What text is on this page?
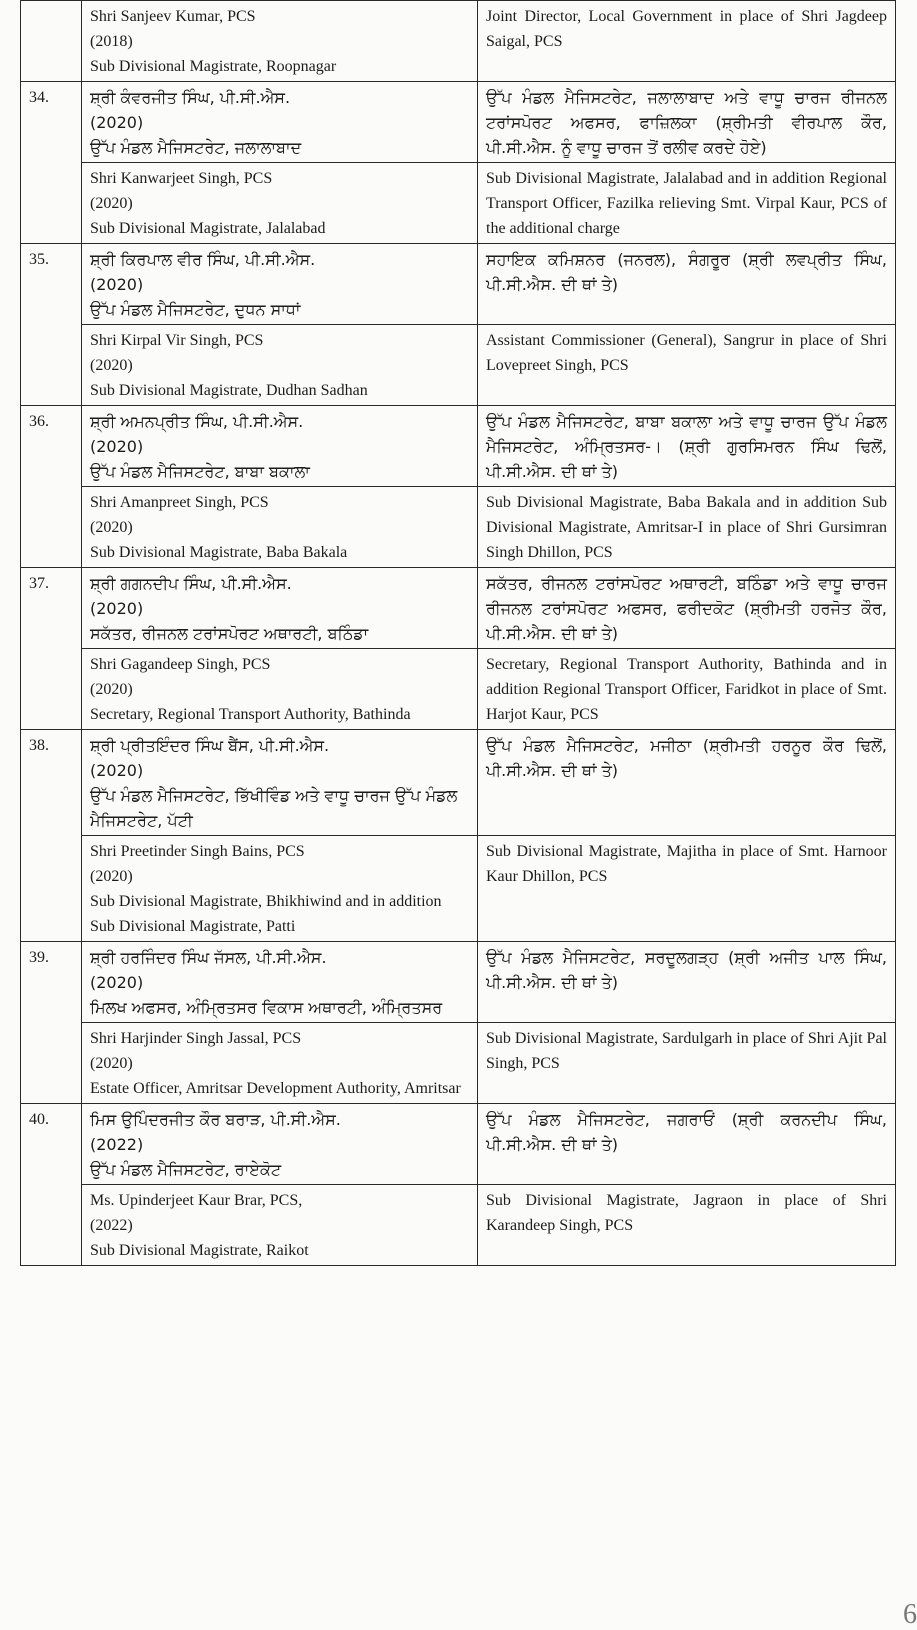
	Shri Sanjeev Kumar, PCS
(2018)
Sub Divisional Magistrate, Roopnagar	Joint Director, Local Government in place of Shri Jagdeep Saigal, PCS
34.	ਸ਼੍ਰੀ ਕੰਵਰਜੀਤ ਸਿੰਘ, ਪੀ.ਸੀ.ਐਸ.
(2020)
ਉੱਪ ਮੰਡਲ ਮੈਜਿਸਟਰੇਟ, ਜਲਾਲਾਬਾਦ	ਉੱਪ ਮੰਡਲ ਮੈਜਿਸਟਰੇਟ, ਜਲਾਲਾਬਾਦ ਅਤੇ ਵਾਧੂ ਚਾਰਜ ਰੀਜਨਲ ਟਰਾਂਸਪੋਰਟ ਅਫਸਰ, ਫਾਜ਼ਿਲਕਾ (ਸ਼੍ਰੀਮਤੀ ਵੀਰਪਾਲ ਕੌਰ, ਪੀ.ਸੀ.ਐਸ. ਨੂੰ ਵਾਧੂ ਚਾਰਜ ਤੋਂ ਰਲੀਵ ਕਰਦੇ ਹੋਏ)

	Shri Kanwarjeet Singh, PCS
(2020)
Sub Divisional Magistrate, Jalalabad	Sub Divisional Magistrate, Jalalabad and in addition Regional Transport Officer, Fazilka relieving Smt. Virpal Kaur, PCS of the additional charge
35.	ਸ਼੍ਰੀ ਕਿਰਪਾਲ ਵੀਰ ਸਿੰਘ, ਪੀ.ਸੀ.ਐਸ.
(2020)
ਉੱਪ ਮੰਡਲ ਮੈਜਿਸਟਰੇਟ, ਦੁਧਨ ਸਾਧਾਂ	ਸਹਾਇਕ ਕਮਿਸ਼ਨਰ (ਜਨਰਲ), ਸੰਗਰੂਰ (ਸ਼੍ਰੀ ਲਵਪ੍ਰੀਤ ਸਿੰਘ, ਪੀ.ਸੀ.ਐਸ. ਦੀ ਥਾਂ ਤੇ)

	Shri Kirpal Vir Singh, PCS
(2020)
Sub Divisional Magistrate, Dudhan Sadhan	Assistant Commissioner (General), Sangrur in place of Shri Lovepreet Singh, PCS
36.	ਸ਼੍ਰੀ ਅਮਨਪ੍ਰੀਤ ਸਿੰਘ, ਪੀ.ਸੀ.ਐਸ.
(2020)
ਉੱਪ ਮੰਡਲ ਮੈਜਿਸਟਰੇਟ, ਬਾਬਾ ਬਕਾਲਾ	ਉੱਪ ਮੰਡਲ ਮੈਜਿਸਟਰੇਟ, ਬਾਬਾ ਬਕਾਲਾ ਅਤੇ ਵਾਧੂ ਚਾਰਜ ਉੱਪ ਮੰਡਲ ਮੈਜਿਸਟਰੇਟ, ਅੰਮ੍ਰਿਤਸਰ-। (ਸ਼੍ਰੀ ਗੁਰਸਿਮਰਨ ਸਿੰਘ ਢਿਲੋਂ, ਪੀ.ਸੀ.ਐਸ. ਦੀ ਥਾਂ ਤੇ)

	Shri Amanpreet Singh, PCS
(2020)
Sub Divisional Magistrate, Baba Bakala	Sub Divisional Magistrate, Baba Bakala and in addition Sub Divisional Magistrate, Amritsar-I in place of Shri Gursimran Singh Dhillon, PCS
37.	ਸ਼੍ਰੀ ਗਗਨਦੀਪ ਸਿੰਘ, ਪੀ.ਸੀ.ਐਸ.
(2020)
ਸਕੱਤਰ, ਰੀਜਨਲ ਟਰਾਂਸਪੋਰਟ ਅਥਾਰਟੀ, ਬਠਿੰਡਾ	ਸਕੱਤਰ, ਰੀਜਨਲ ਟਰਾਂਸਪੋਰਟ ਅਥਾਰਟੀ, ਬਠਿੰਡਾ ਅਤੇ ਵਾਧੂ ਚਾਰਜ ਰੀਜਨਲ ਟਰਾਂਸਪੋਰਟ ਅਫਸਰ, ਫਰੀਦਕੋਟ (ਸ਼੍ਰੀਮਤੀ ਹਰਜੋਤ ਕੌਰ, ਪੀ.ਸੀ.ਐਸ. ਦੀ ਥਾਂ ਤੇ)

	Shri Gagandeep Singh, PCS
(2020)
Secretary, Regional Transport Authority, Bathinda	Secretary, Regional Transport Authority, Bathinda and in addition Regional Transport Officer, Faridkot in place of Smt. Harjot Kaur, PCS
38.	ਸ਼੍ਰੀ ਪ੍ਰੀਤਇੰਦਰ ਸਿੰਘ ਬੈਂਸ, ਪੀ.ਸੀ.ਐਸ.
(2020)
ਉੱਪ ਮੰਡਲ ਮੈਜਿਸਟਰੇਟ, ਭਿੱਖੀਵਿੰਡ ਅਤੇ ਵਾਧੂ ਚਾਰਜ ਉੱਪ ਮੰਡਲ ਮੈਜਿਸਟਰੇਟ, ਪੱਟੀ	ਉੱਪ ਮੰਡਲ ਮੈਜਿਸਟਰੇਟ, ਮਜੀਠਾ (ਸ਼੍ਰੀਮਤੀ ਹਰਨੂਰ ਕੌਰ ਢਿਲੋਂ, ਪੀ.ਸੀ.ਐਸ. ਦੀ ਥਾਂ ਤੇ)

	Shri Preetinder Singh Bains, PCS
(2020)
Sub Divisional Magistrate, Bhikhiwind and in addition Sub Divisional Magistrate, Patti	Sub Divisional Magistrate, Majitha in place of Smt. Harnoor Kaur Dhillon, PCS
39.	ਸ਼੍ਰੀ ਹਰਜਿੰਦਰ ਸਿੰਘ ਜੱਸਲ, ਪੀ.ਸੀ.ਐਸ.
(2020)
ਮਿਲਖ ਅਫਸਰ, ਅੰਮ੍ਰਿਤਸਰ ਵਿਕਾਸ ਅਥਾਰਟੀ, ਅੰਮ੍ਰਿਤਸਰ	ਉੱਪ ਮੰਡਲ ਮੈਜਿਸਟਰੇਟ, ਸਰਦੂਲਗੜ੍ਹ (ਸ਼੍ਰੀ ਅਜੀਤ ਪਾਲ ਸਿੰਘ, ਪੀ.ਸੀ.ਐਸ. ਦੀ ਥਾਂ ਤੇ)

	Shri Harjinder Singh Jassal, PCS
(2020)
Estate Officer, Amritsar Development Authority, Amritsar	Sub Divisional Magistrate, Sardulgarh in place of Shri Ajit Pal Singh, PCS
40.	ਮਿਸ ਉਪਿੰਦਰਜੀਤ ਕੌਰ ਬਰਾੜ, ਪੀ.ਸੀ.ਐਸ.
(2022)
ਉੱਪ ਮੰਡਲ ਮੈਜਿਸਟਰੇਟ, ਰਾਏਕੋਟ	ਉੱਪ ਮੰਡਲ ਮੈਜਿਸਟਰੇਟ, ਜਗਰਾਓਂ (ਸ਼੍ਰੀ ਕਰਨਦੀਪ ਸਿੰਘ, ਪੀ.ਸੀ.ਐਸ. ਦੀ ਥਾਂ ਤੇ)

	Ms. Upinderjeet Kaur Brar, PCS,
(2022)
Sub Divisional Magistrate, Raikot	Sub Divisional Magistrate, Jagraon in place of Shri Karandeep Singh, PCS
6
